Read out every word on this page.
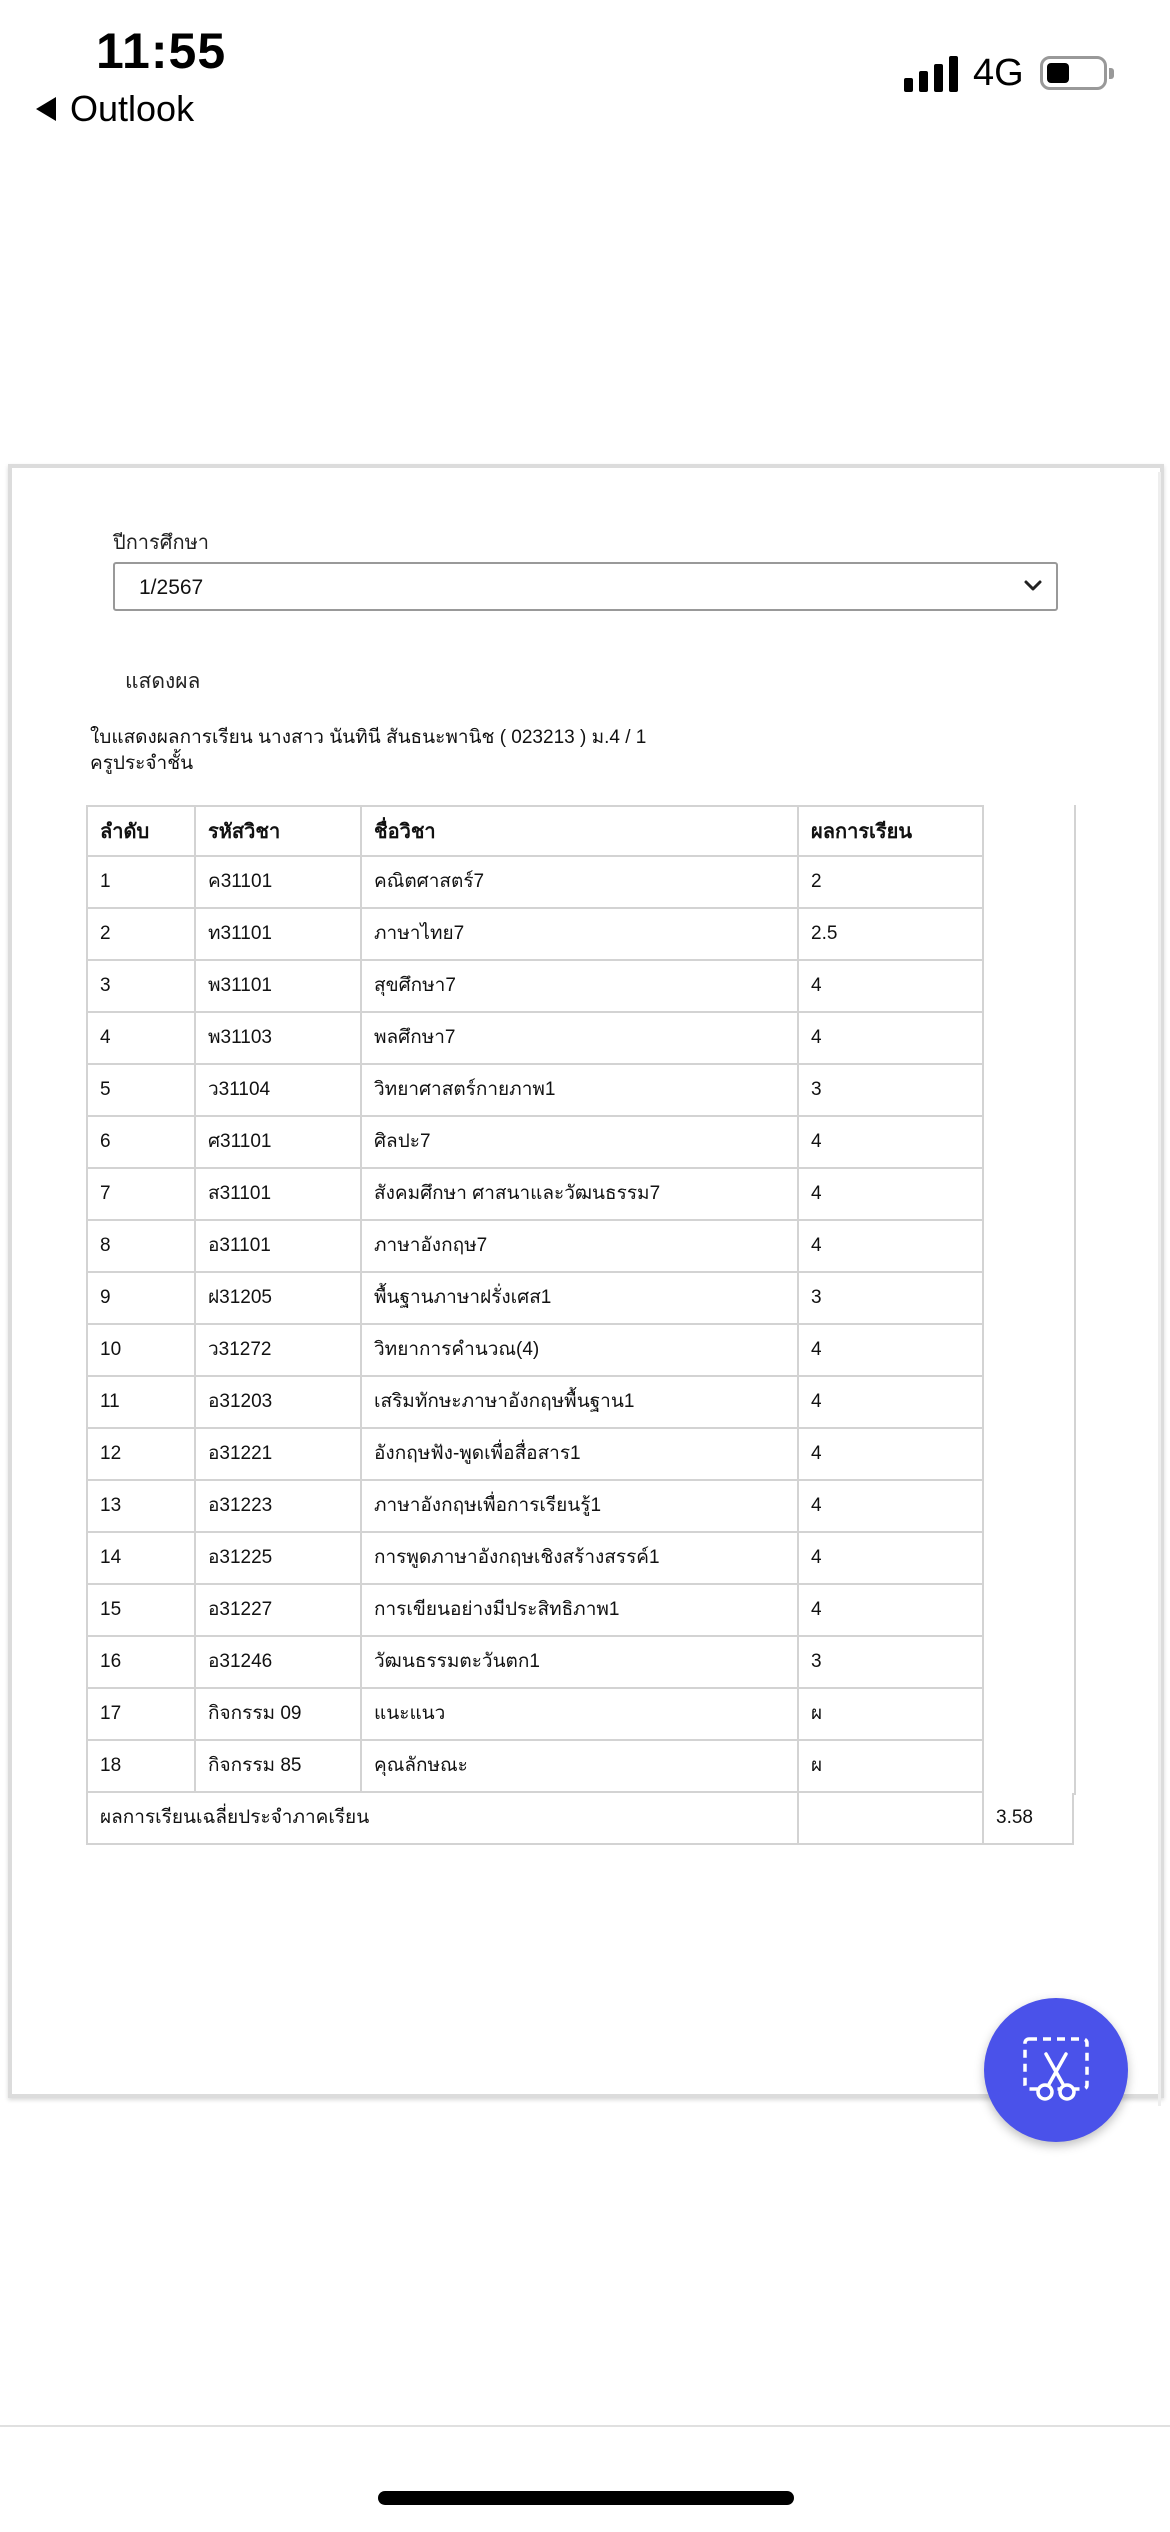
11:55
Outlook
4G
ปีการศึกษา
1/2567
แสดงผล
ใบแสดงผลการเรียน นางสาว นันทินี สันธนะพานิช ( 023213 ) ม.4 / 1
ครูประจำชั้น
ลำดับ	รหัสวิชา	ชื่อวิชา	ผลการเรียน
1	ค31101	คณิตศาสตร์7	2
2	ท31101	ภาษาไทย7	2.5
3	พ31101	สุขศึกษา7	4
4	พ31103	พลศึกษา7	4
5	ว31104	วิทยาศาสตร์กายภาพ1	3
6	ศ31101	ศิลปะ7	4
7	ส31101	สังคมศึกษา ศาสนาและวัฒนธรรม7	4
8	อ31101	ภาษาอังกฤษ7	4
9	ฝ31205	พื้นฐานภาษาฝรั่งเศส1	3
10	ว31272	วิทยาการคำนวณ(4)	4
11	อ31203	เสริมทักษะภาษาอังกฤษพื้นฐาน1	4
12	อ31221	อังกฤษฟัง-พูดเพื่อสื่อสาร1	4
13	อ31223	ภาษาอังกฤษเพื่อการเรียนรู้1	4
14	อ31225	การพูดภาษาอังกฤษเชิงสร้างสรรค์1	4
15	อ31227	การเขียนอย่างมีประสิทธิภาพ1	4
16	อ31246	วัฒนธรรมตะวันตก1	3
17	กิจกรรม 09	แนะแนว	ผ
18	กิจกรรม 85	คุณลักษณะ	ผ
ผลการเรียนเฉลี่ยประจำภาคเรียน	3.58
